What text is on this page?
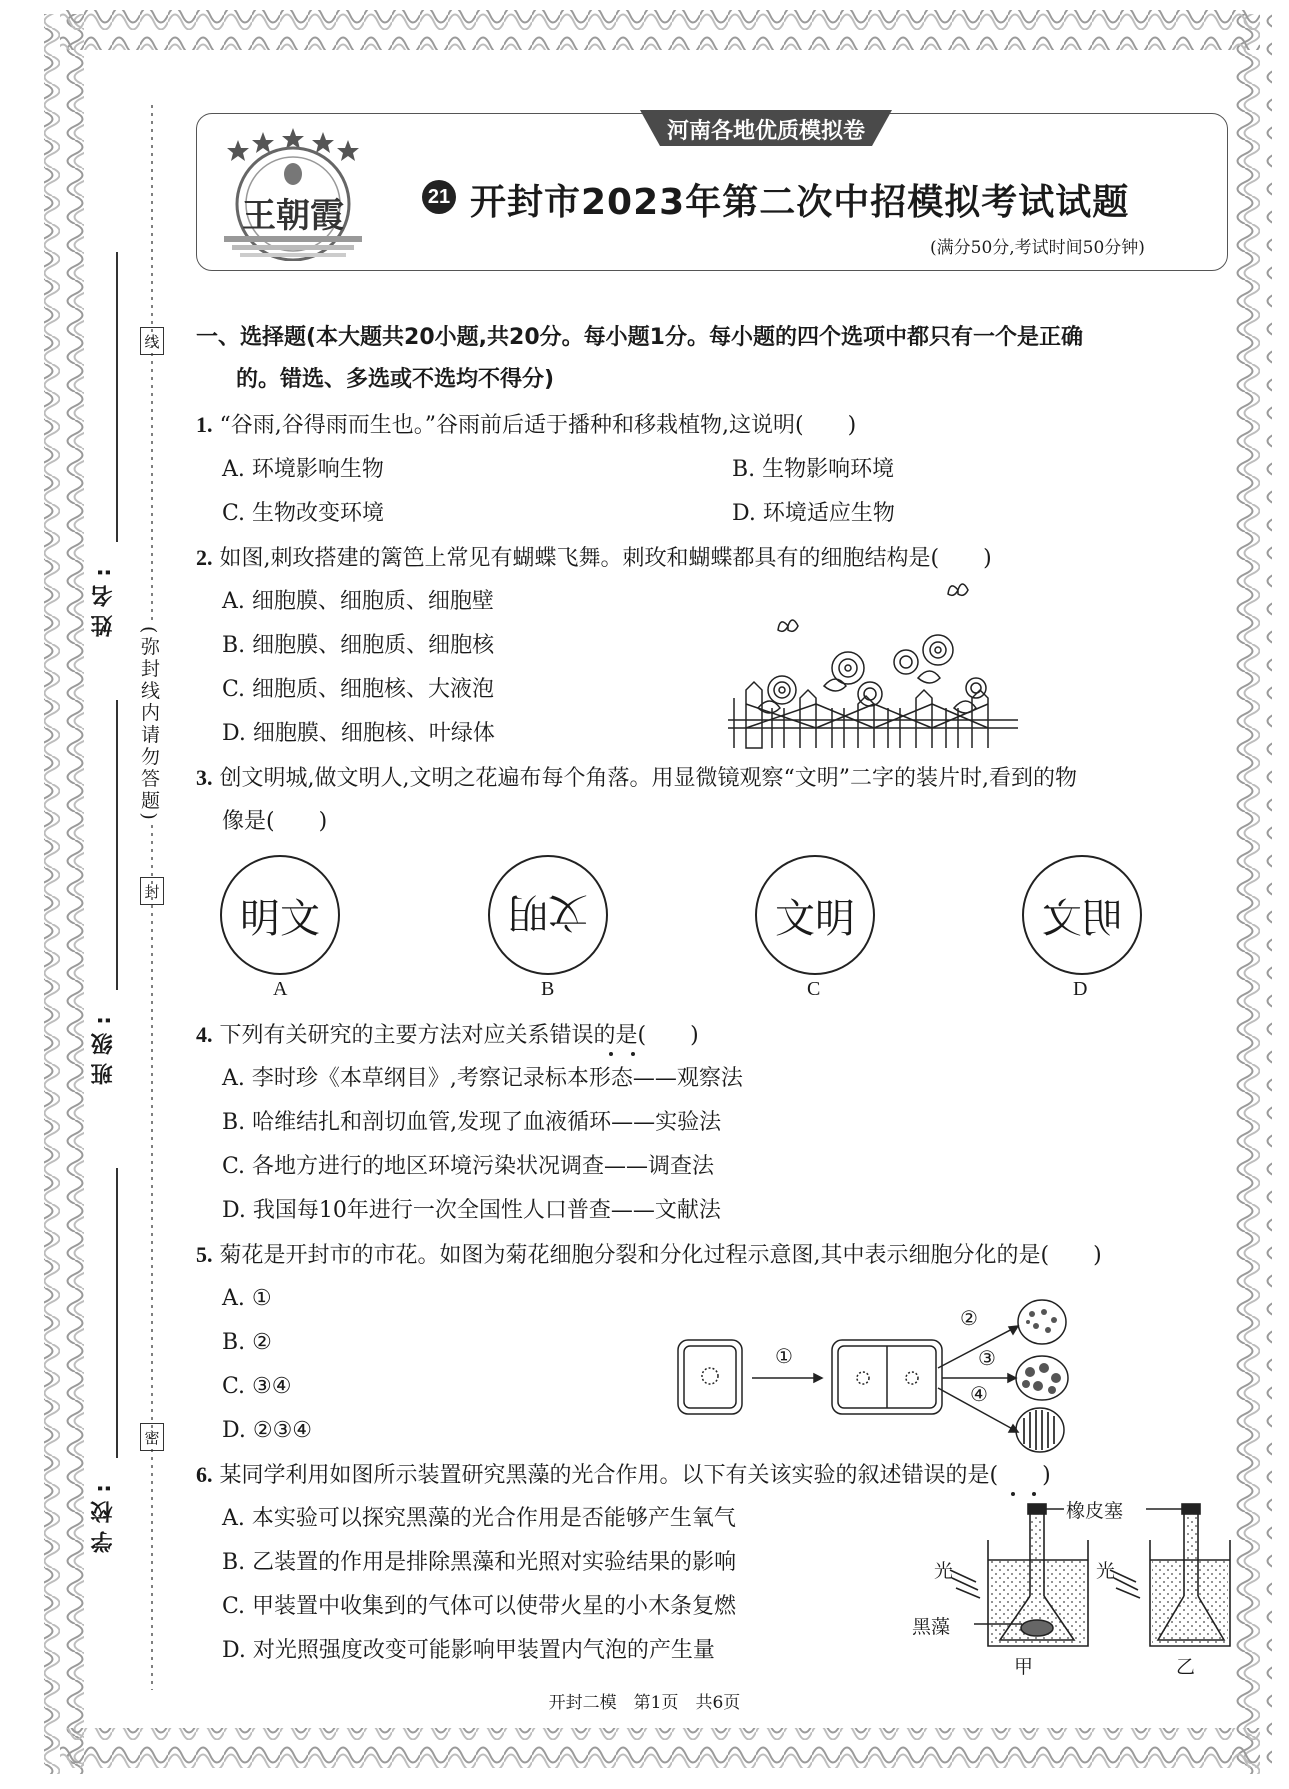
河南各地优质模拟卷
王朝霞	21 开封市2023年第二次中招模拟考试试题
(满分50分,考试时间50分钟)
姓名:
班级:
学校:
线
(弥封线内请勿答题)
封
密
一、选择题(本大题共20小题,共20分。每小题1分。每小题的四个选项中都只有一个是正确
的。错选、多选或不选均不得分)
1. “谷雨,谷得雨而生也。”谷雨前后适于播种和移栽植物,这说明(　　)
A. 环境影响生物	B. 生物影响环境
C. 生物改变环境	D. 环境适应生物
2. 如图,刺玫搭建的篱笆上常见有蝴蝶飞舞。刺玫和蝴蝶都具有的细胞结构是(　　)
A. 细胞膜、细胞质、细胞壁
B. 细胞膜、细胞质、细胞核
C. 细胞质、细胞核、大液泡
D. 细胞膜、细胞核、叶绿体
3. 创文明城,做文明人,文明之花遍布每个角落。用显微镜观察“文明”二字的装片时,看到的物
像是(　　)
明文	文明	文明	明文
A	B	C	D
4. 下列有关研究的主要方法对应关系错误的是(　　)
A. 李时珍《本草纲目》,考察记录标本形态——观察法
B. 哈维结扎和剖切血管,发现了血液循环——实验法
C. 各地方进行的地区环境污染状况调查——调查法
D. 我国每10年进行一次全国性人口普查——文献法
5. 菊花是开封市的市花。如图为菊花细胞分裂和分化过程示意图,其中表示细胞分化的是(　　)
A. ①
B. ②
C. ③④
D. ②③④
①
②
③
④
6. 某同学利用如图所示装置研究黑藻的光合作用。以下有关该实验的叙述错误的是(　　)
A. 本实验可以探究黑藻的光合作用是否能够产生氧气
B. 乙装置的作用是排除黑藻和光照对实验结果的影响
C. 甲装置中收集到的气体可以使带火星的小木条复燃
D. 对光照强度改变可能影响甲装置内气泡的产生量
橡皮塞
光	光
黑藻
甲	乙
开封二模　第1页　共6页
